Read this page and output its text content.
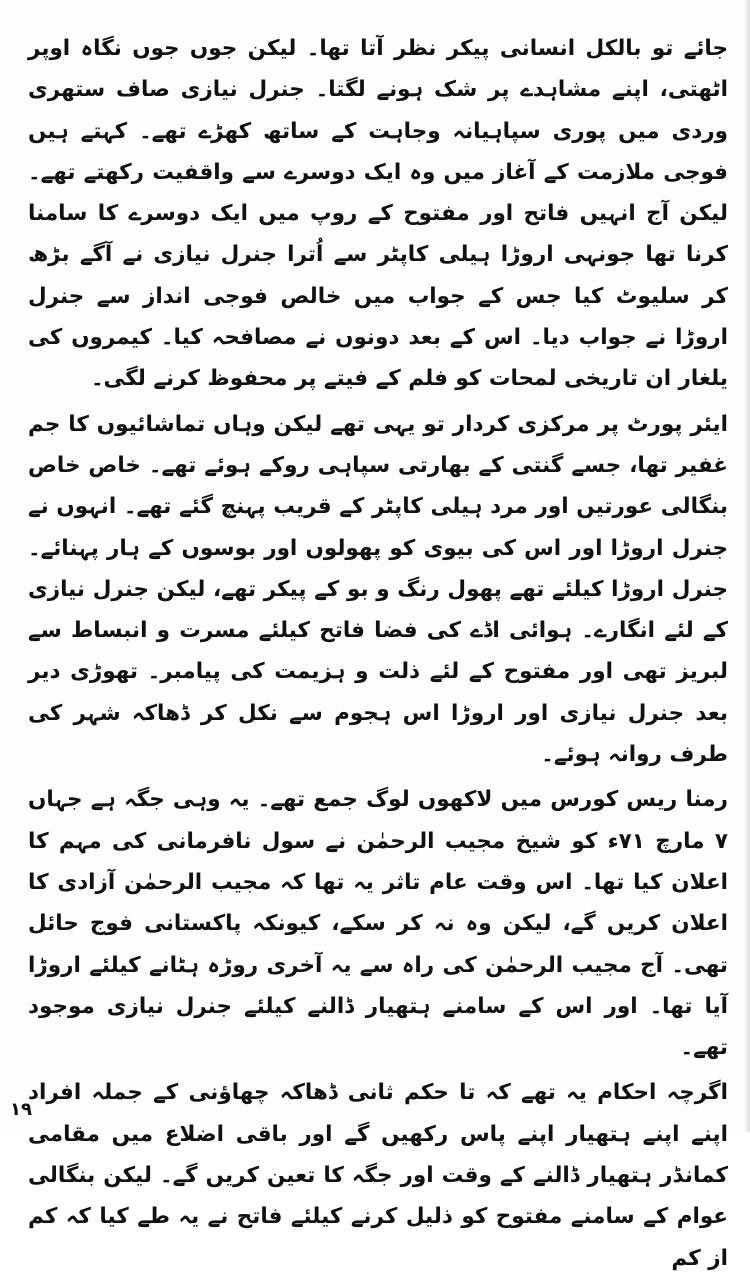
جائے تو بالکل انسانی پیکر نظر آتا تھا۔ لیکن جوں جوں نگاہ اوپر اٹھتی، اپنے مشاہدے پر شک ہونے لگتا۔ جنرل نیازی صاف ستھری وردی میں پوری سپاہیانہ وجاہت کے ساتھ کھڑے تھے۔ کہتے ہیں فوجی ملازمت کے آغاز میں وہ ایک دوسرے سے واقفیت رکھتے تھے۔ لیکن آج انہیں فاتح اور مفتوح کے روپ میں ایک دوسرے کا سامنا کرنا تھا جونہی اروڑا ہیلی کاپٹر سے اُترا جنرل نیازی نے آگے بڑھ کر سلیوٹ کیا جس کے جواب میں خالص فوجی انداز سے جنرل اروڑا نے جواب دیا۔ اس کے بعد دونوں نے مصافحہ کیا۔ کیمروں کی یلغار ان تاریخی لمحات کو فلم کے فیتے پر محفوظ کرنے لگی۔

ایئر پورٹ پر مرکزی کردار تو یہی تھے لیکن وہاں تماشائیوں کا جم غفیر تھا، جسے گنتی کے بھارتی سپاہی روکے ہوئے تھے۔ خاص خاص بنگالی عورتیں اور مرد ہیلی کاپٹر کے قریب پہنچ گئے تھے۔ انہوں نے جنرل اروڑا اور اس کی بیوی کو پھولوں اور بوسوں کے ہار پہنائے۔ جنرل اروڑا کیلئے تھے پھول رنگ و بو کے پیکر تھے، لیکن جنرل نیازی کے لئے انگارے۔ ہوائی اڈے کی فضا فاتح کیلئے مسرت و انبساط سے لبریز تھی اور مفتوح کے لئے ذلت و ہزیمت کی پیامبر۔ تھوڑی دیر بعد جنرل نیازی اور اروڑا اس ہجوم سے نکل کر ڈھاکہ شہر کی طرف روانہ ہوئے۔

رمنا ریس کورس میں لاکھوں لوگ جمع تھے۔ یہ وہی جگہ ہے جہاں ۷ مارچ ۷۱ء کو شیخ مجیب الرحمٰن نے سول نافرمانی کی مہم کا اعلان کیا تھا۔ اس وقت عام تاثر یہ تھا کہ مجیب الرحمٰن آزادی کا اعلان کریں گے، لیکن وہ نہ کر سکے، کیونکہ پاکستانی فوج حائل تھی۔ آج مجیب الرحمٰن کی راہ سے یہ آخری روڑہ ہٹانے کیلئے اروڑا آیا تھا۔ اور اس کے سامنے ہتھیار ڈالنے کیلئے جنرل نیازی موجود تھے۔

اگرچہ احکام یہ تھے کہ تا حکم ثانی ڈھاکہ چھاؤنی کے جملہ افراد اپنے اپنے ہتھیار اپنے پاس رکھیں گے اور باقی اضلاع میں مقامی کمانڈر ہتھیار ڈالنے کے وقت اور جگہ کا تعین کریں گے۔ لیکن بنگالی عوام کے سامنے مفتوح کو ذلیل کرنے کیلئے فاتح نے یہ طے کیا کہ کم از کم

۱۹
